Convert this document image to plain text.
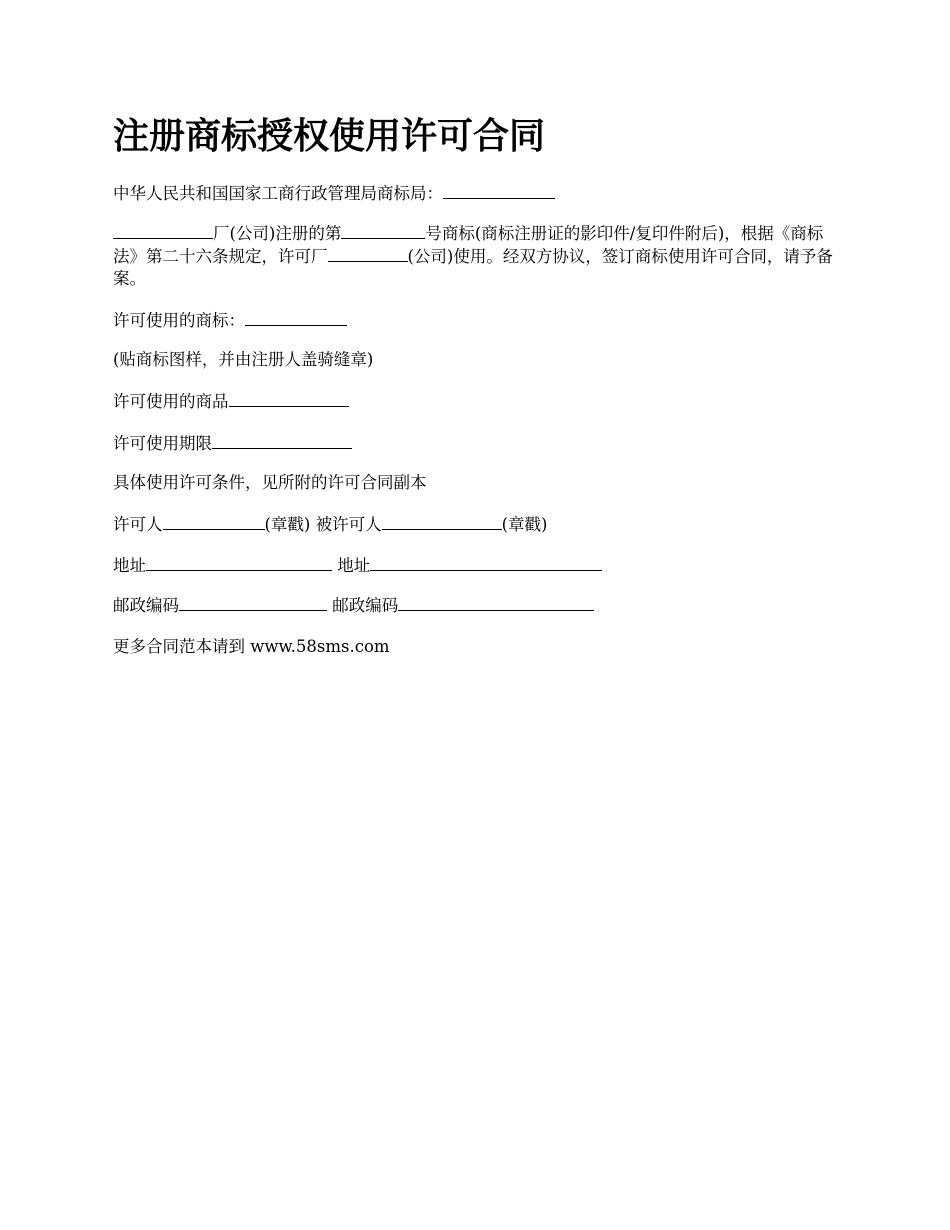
注册商标授权使用许可合同

中华人民共和国国家工商行政管理局商标局：

厂(公司)注册的第	号商标(商标注册证的影印件/复印件附后)，根据《商标法》第二十六条规定，许可厂	(公司)使用。经双方协议，签订商标使用许可合同，请予备案。

许可使用的商标：

(贴商标图样，并由注册人盖骑缝章)

许可使用的商品

许可使用期限

具体使用许可条件，见所附的许可合同副本

许可人	(章戳) 被许可人	(章戳)

地址	地址

邮政编码	邮政编码

更多合同范本请到 www.58sms.com
